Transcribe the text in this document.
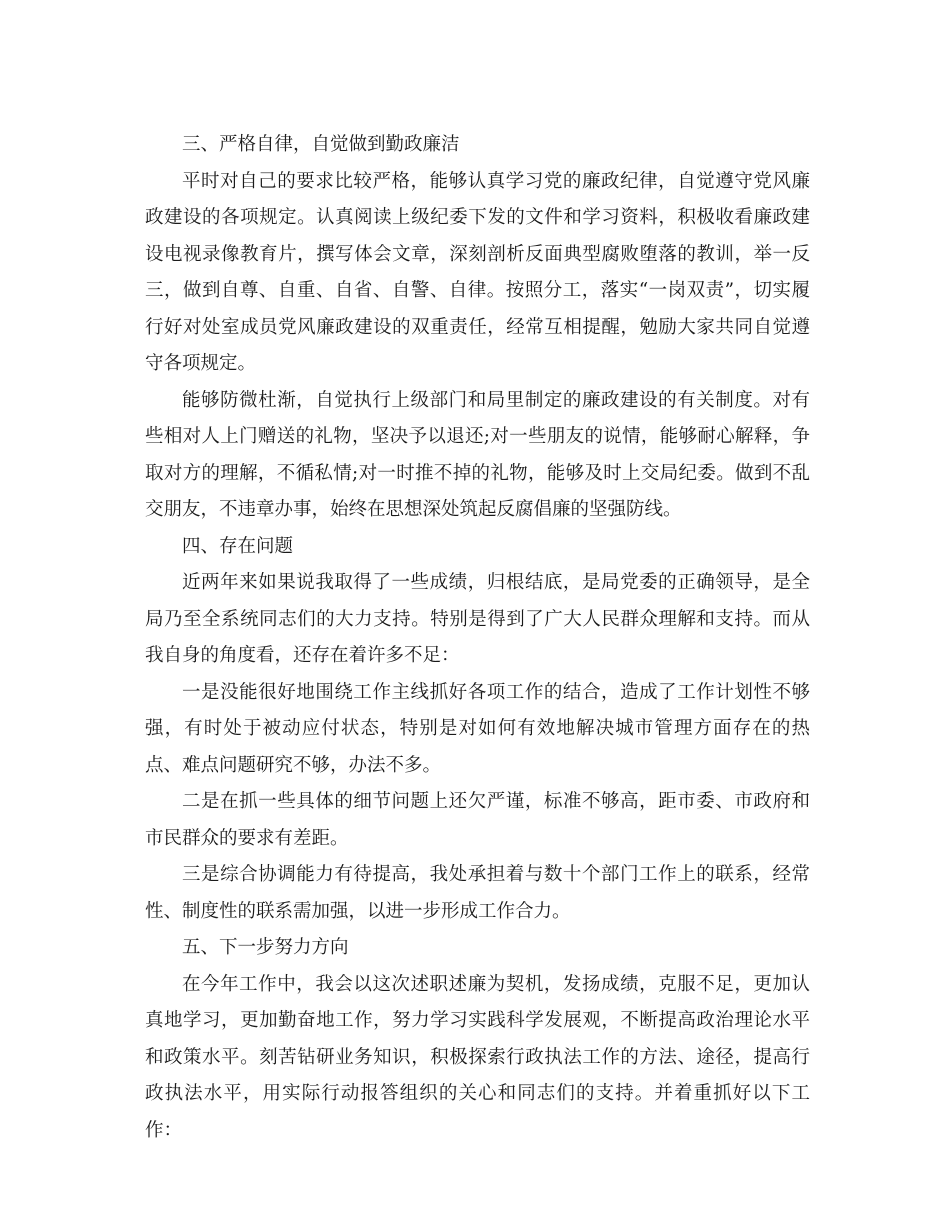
三、严格自律，自觉做到勤政廉洁

平时对自己的要求比较严格，能够认真学习党的廉政纪律，自觉遵守党风廉政建设的各项规定。认真阅读上级纪委下发的文件和学习资料，积极收看廉政建设电视录像教育片，撰写体会文章，深刻剖析反面典型腐败堕落的教训，举一反三，做到自尊、自重、自省、自警、自律。按照分工，落实“一岗双责”，切实履行好对处室成员党风廉政建设的双重责任，经常互相提醒，勉励大家共同自觉遵守各项规定。

能够防微杜渐，自觉执行上级部门和局里制定的廉政建设的有关制度。对有些相对人上门赠送的礼物，坚决予以退还;对一些朋友的说情，能够耐心解释，争取对方的理解，不循私情;对一时推不掉的礼物，能够及时上交局纪委。做到不乱交朋友，不违章办事，始终在思想深处筑起反腐倡廉的坚强防线。

四、存在问题

近两年来如果说我取得了一些成绩，归根结底，是局党委的正确领导，是全局乃至全系统同志们的大力支持。特别是得到了广大人民群众理解和支持。而从我自身的角度看，还存在着许多不足：

一是没能很好地围绕工作主线抓好各项工作的结合，造成了工作计划性不够强，有时处于被动应付状态，特别是对如何有效地解决城市管理方面存在的热点、难点问题研究不够，办法不多。

二是在抓一些具体的细节问题上还欠严谨，标准不够高，距市委、市政府和市民群众的要求有差距。

三是综合协调能力有待提高，我处承担着与数十个部门工作上的联系，经常性、制度性的联系需加强，以进一步形成工作合力。

五、下一步努力方向

在今年工作中，我会以这次述职述廉为契机，发扬成绩，克服不足，更加认真地学习，更加勤奋地工作，努力学习实践科学发展观，不断提高政治理论水平和政策水平。刻苦钻研业务知识，积极探索行政执法工作的方法、途径，提高行政执法水平，用实际行动报答组织的关心和同志们的支持。并着重抓好以下工作：
